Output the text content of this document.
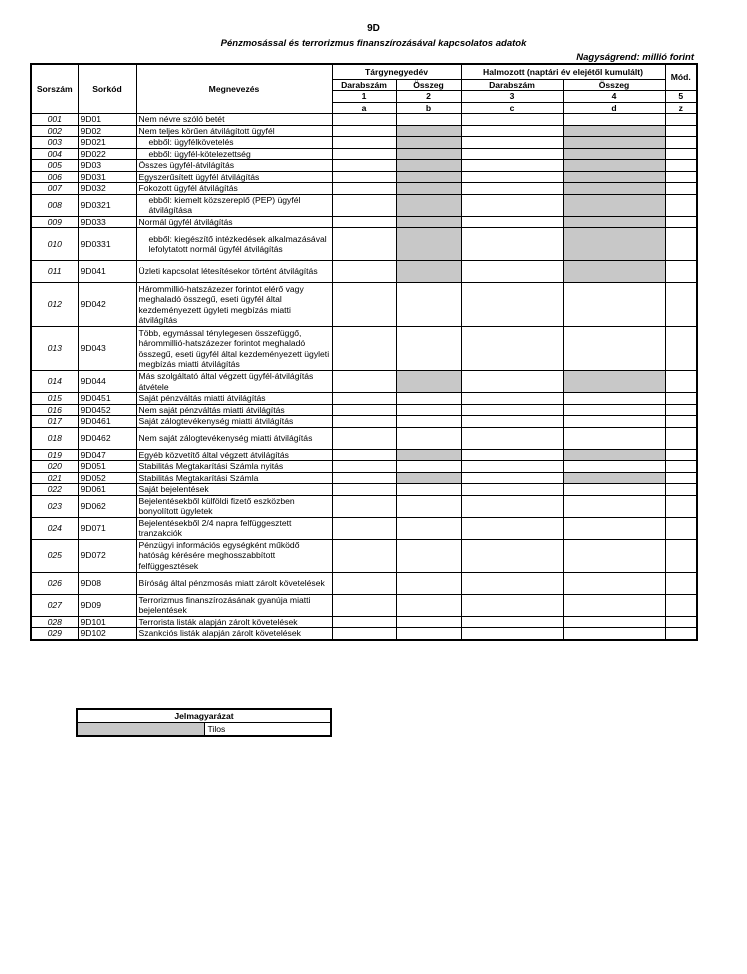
9D
Pénzmosással és terrorizmus finanszírozásával kapcsolatos adatok
Nagyságrend: millió forint
Sorszám	Sorkód	Megnevezés	Tárgynegyedév		Halmozott (naptári év elejétől kumulált)		Mód.
			Darabszám	Összeg	Darabszám	Összeg	
			1	2	3	4	5
			a	b	c	d	z
001	9D01	Nem névre szóló betét					
002	9D02	Nem teljes körűen átvilágított ügyfél					
003	9D021	ebből: ügyfélkövetelés					
004	9D022	ebből: ügyfél-kötelezettség					
005	9D03	Összes ügyfél-átvilágítás					
006	9D031	Egyszerűsített ügyfél átvilágítás					
007	9D032	Fokozott ügyfél átvilágítás					
008	9D0321	ebből: kiemelt közszereplő (PEP) ügyfél átvilágítása					
009	9D033	Normál ügyfél átvilágítás					
010	9D0331	ebből: kiegészítő intézkedések alkalmazásával lefolytatott normál ügyfél átvilágítás					
011	9D041	Üzleti kapcsolat létesítésekor történt átvilágítás					
012	9D042	Hárommillió-hatszázezer forintot elérő vagy meghaladó összegű, eseti ügyfél által kezdeményezett ügyleti megbízás miatti átvilágítás					
013	9D043	Több, egymással ténylegesen összefüggő, hárommillió-hatszázezer forintot meghaladó összegű, eseti ügyfél által kezdeményezett ügyleti megbízás miatti átvilágítás					
014	9D044	Más szolgáltató által végzett ügyfél-átvilágítás átvétele					
015	9D0451	Saját pénzváltás miatti átvilágítás					
016	9D0452	Nem saját pénzváltás miatti átvilágítás					
017	9D0461	Saját zálogtevékenység miatti átvilágítás					
018	9D0462	Nem saját zálogtevékenység miatti átvilágítás					
019	9D047	Egyéb közvetítő által végzett átvilágítás					
020	9D051	Stabilitás Megtakarítási Számla nyitás					
021	9D052	Stabilitás Megtakarítási Számla					
022	9D061	Saját bejelentések					
023	9D062	Bejelentésekből külföldi fizető eszközben bonyolított ügyletek					
024	9D071	Bejelentésekből 2/4 napra felfüggesztett tranzakciók					
025	9D072	Pénzügyi információs egységként működő hatóság kérésére meghosszabbított felfüggesztések					
026	9D08	Bíróság által pénzmosás miatt zárolt követelések					
027	9D09	Terrorizmus finanszírozásának gyanúja miatti bejelentések					
028	9D101	Terrorista listák alapján zárolt követelések					
029	9D102	Szankciós listák alapján zárolt követelések					
Jelmagyarázat
	Tilos
